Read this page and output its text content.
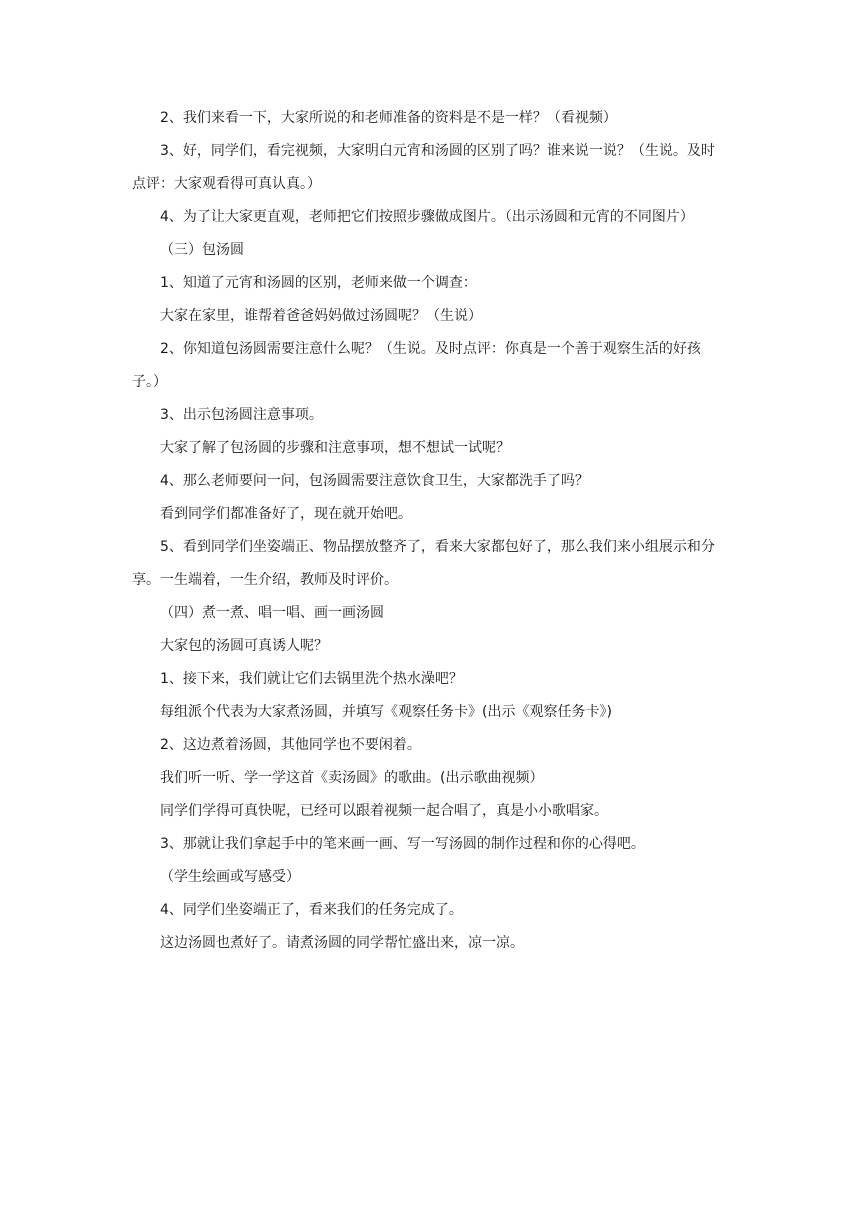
2、我们来看一下，大家所说的和老师准备的资料是不是一样？（看视频）

3、好，同学们，看完视频，大家明白元宵和汤圆的区别了吗？谁来说一说？（生说。及时 点评：大家观看得可真认真。）

4、为了让大家更直观，老师把它们按照步骤做成图片。（出示汤圆和元宵的不同图片）

（三）包汤圆

1、知道了元宵和汤圆的区别，老师来做一个调查：

大家在家里，谁帮着爸爸妈妈做过汤圆呢？（生说）

2、你知道包汤圆需要注意什么呢？（生说。及时点评：你真是一个善于观察生活的好孩 子。）

3、出示包汤圆注意事项。

大家了解了包汤圆的步骤和注意事项，想不想试一试呢？

4、那么老师要问一问，包汤圆需要注意饮食卫生，大家都洗手了吗？

看到同学们都准备好了，现在就开始吧。

5、看到同学们坐姿端正、物品摆放整齐了，看来大家都包好了，那么我们来小组展示和分 享。一生端着，一生介绍，教师及时评价。

（四）煮一煮、唱一唱、画一画汤圆

大家包的汤圆可真诱人呢？

1、接下来，我们就让它们去锅里洗个热水澡吧？

每组派个代表为大家煮汤圆，并填写《观察任务卡》(出示《观察任务卡》)

2、这边煮着汤圆，其他同学也不要闲着。

我们听一听、学一学这首《卖汤圆》的歌曲。(出示歌曲视频）

同学们学得可真快呢，已经可以跟着视频一起合唱了，真是小小歌唱家。

3、那就让我们拿起手中的笔来画一画、写一写汤圆的制作过程和你的心得吧。

（学生绘画或写感受）

4、同学们坐姿端正了，看来我们的任务完成了。

这边汤圆也煮好了。请煮汤圆的同学帮忙盛出来，凉一凉。
